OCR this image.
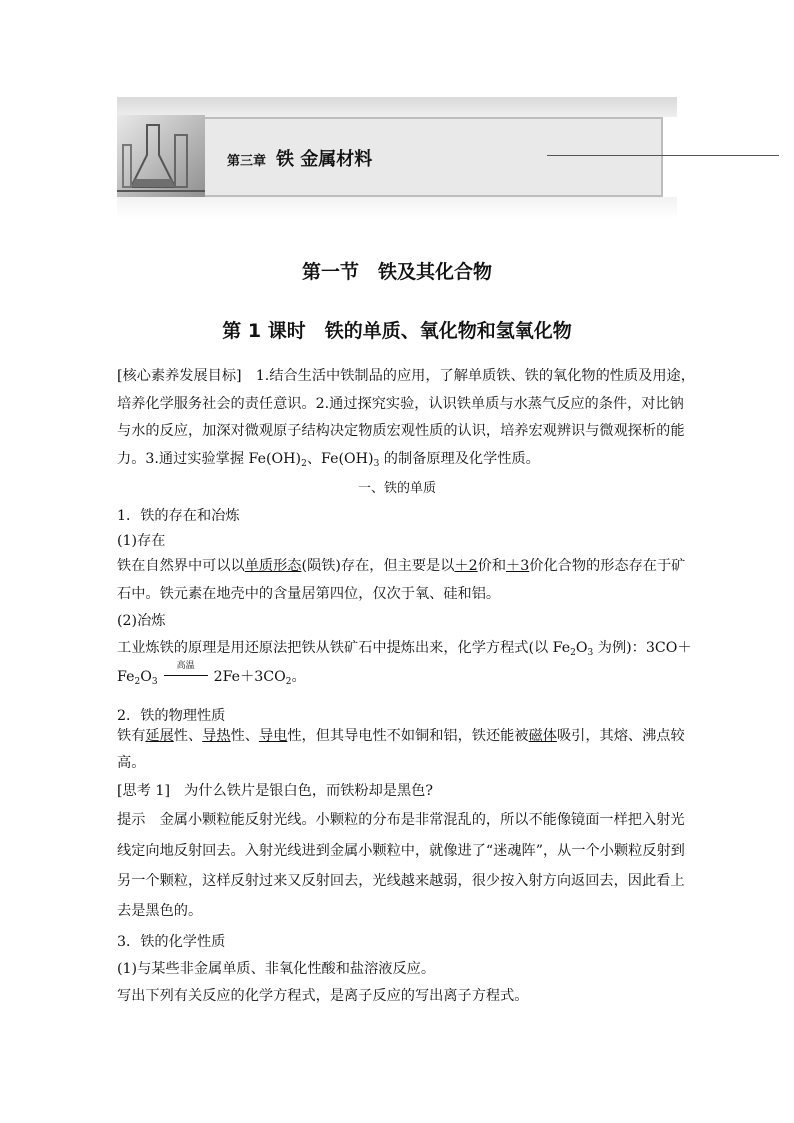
第三章 铁 金属材料
第一节　铁及其化合物
第 1 课时　铁的单质、氧化物和氢氧化物
[核心素养发展目标]　1.结合生活中铁制品的应用，了解单质铁、铁的氧化物的性质及用途，
培养化学服务社会的责任意识。2.通过探究实验，认识铁单质与水蒸气反应的条件，对比钠
与水的反应，加深对微观原子结构决定物质宏观性质的认识，培养宏观辨识与微观探析的能
力。3.通过实验掌握 $Fe(OH)_2$、$Fe(OH)_3$ 的制备原理及化学性质。
一、铁的单质
1．铁的存在和冶炼
(1)存在
铁在自然界中可以以单质形态(陨铁)存在，但主要是以＋2价和＋3价化合物的形态存在于矿
石中。铁元素在地壳中的含量居第四位，仅次于氧、硅和铝。
(2)冶炼
工业炼铁的原理是用还原法把铁从铁矿石中提炼出来，化学方程式(以 $Fe_2O_3$ 为例)：3CO＋
$Fe_2O_3$
高温
$2Fe+3CO_2$。
2．铁的物理性质
铁有延展性、导热性、导电性，但其导电性不如铜和铝，铁还能被磁体吸引，其熔、沸点较
高。
[思考 1]　为什么铁片是银白色，而铁粉却是黑色?
提示　金属小颗粒能反射光线。小颗粒的分布是非常混乱的，所以不能像镜面一样把入射光
线定向地反射回去。入射光线进到金属小颗粒中，就像进了“迷魂阵”，从一个小颗粒反射到
另一个颗粒，这样反射过来又反射回去，光线越来越弱，很少按入射方向返回去，因此看上
去是黑色的。
3．铁的化学性质
(1)与某些非金属单质、非氧化性酸和盐溶液反应。
写出下列有关反应的化学方程式，是离子反应的写出离子方程式。
